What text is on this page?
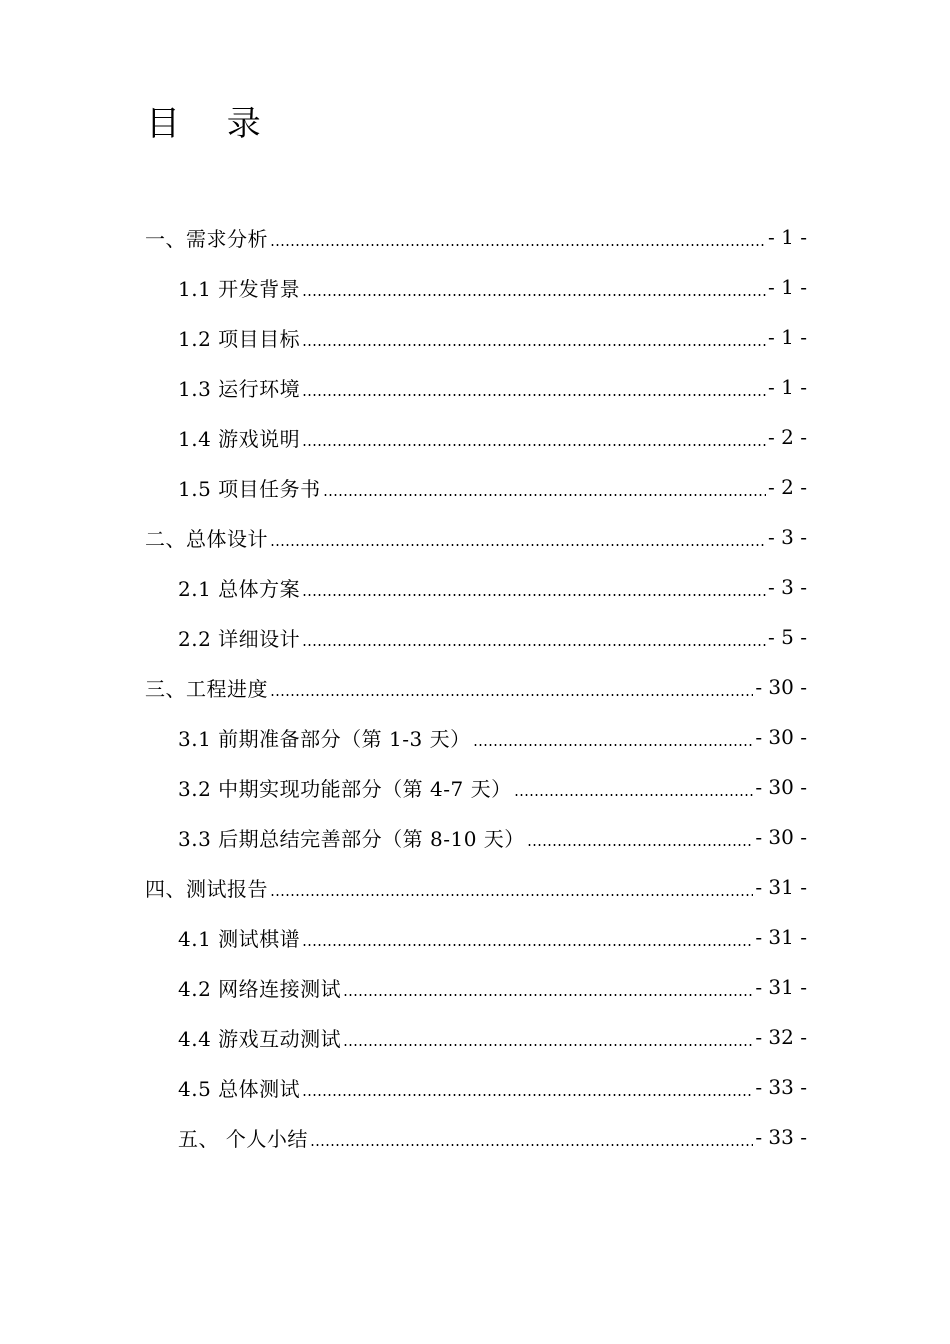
目 录
一、需求分析	- 1 -
1.1 开发背景	- 1 -
1.2 项目目标	- 1 -
1.3 运行环境	- 1 -
1.4 游戏说明	- 2 -
1.5 项目任务书	- 2 -
二、总体设计	- 3 -
2.1 总体方案	- 3 -
2.2 详细设计	- 5 -
三、工程进度	- 30 -
3.1 前期准备部分（第 1-3 天）	- 30 -
3.2 中期实现功能部分（第 4-7 天）	- 30 -
3.3 后期总结完善部分（第 8-10 天）	- 30 -
四、测试报告	- 31 -
4.1 测试棋谱	- 31 -
4.2 网络连接测试	- 31 -
4.4 游戏互动测试	- 32 -
4.5 总体测试	- 33 -
五、 个人小结	- 33 -
